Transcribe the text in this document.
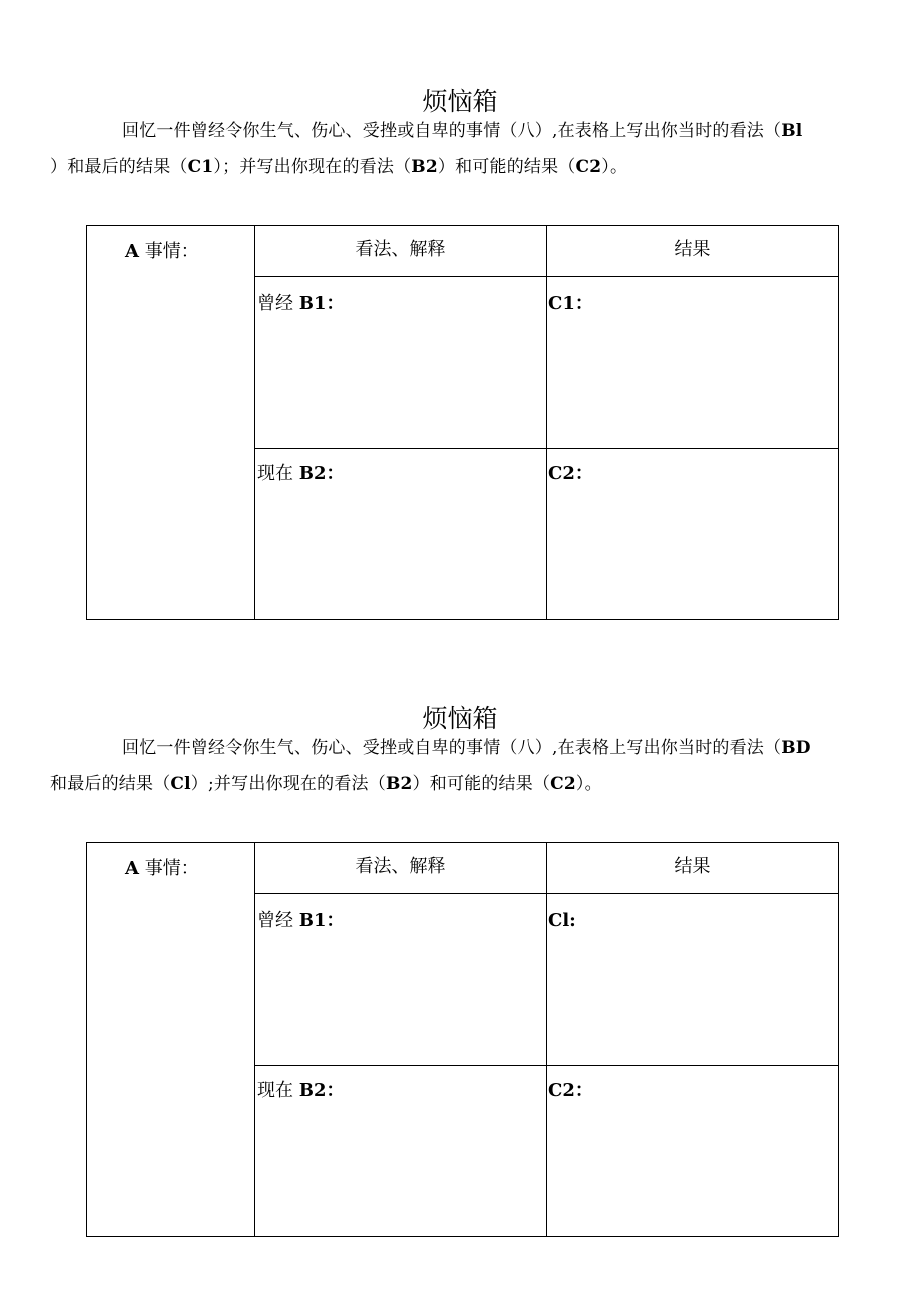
烦恼箱

回忆一件曾经令你生气、伤心、受挫或自卑的事情（八）,在表格上写出你当时的看法（Bl
）和最后的结果（C1）；并写出你现在的看法（B2）和可能的结果（C2）。

A 事情：	看法、解释	结果
曾经 B1：	C1：
现在 B2：	C2：
烦恼箱

回忆一件曾经令你生气、伤心、受挫或自卑的事情（八）,在表格上写出你当时的看法（BD
和最后的结果（Cl）;并写出你现在的看法（B2）和可能的结果（C2）。

A 事情：	看法、解释	结果
曾经 B1：	Cl:
现在 B2：	C2：
